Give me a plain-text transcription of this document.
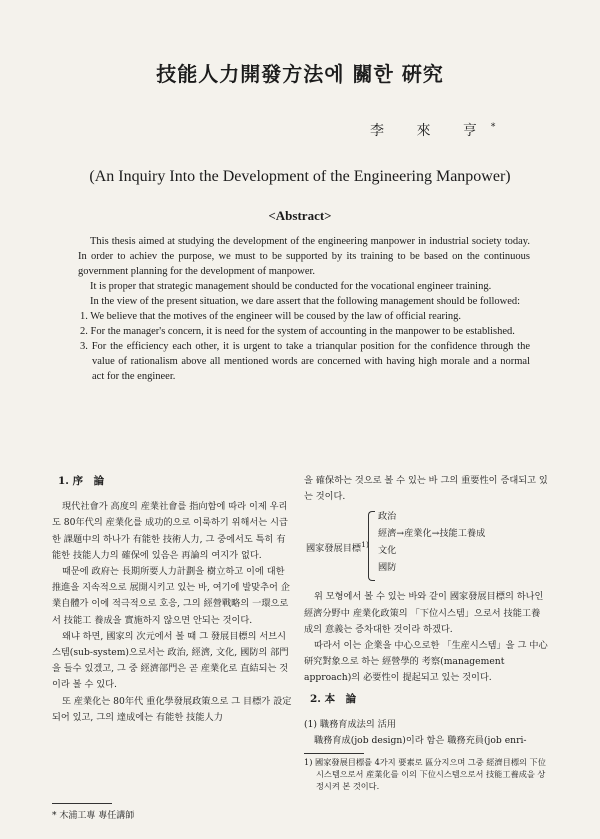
技能人力開發方法에 關한 硏究
李 來 亨*
(An Inquiry Into the Development of the Engineering Manpower)
<Abstract>

This thesis aimed at studying the development of the engineering manpower in industrial society today. In order to achiev the purpose, we must to be supported by its training to be based on the continuous government planning for the development of manpower.

It is proper that strategic management should be conducted for the vocational engineer training.

In the view of the present situation, we dare assert that the following management should be followed:

1. We believe that the motives of the engineer will be coused by the law of official rearing.

2. For the manager's concern, it is need for the system of accounting in the manpower to be established.

3. For the efficiency each other, it is urgent to take a trianqular position for the confidence through the value of rationalism above all mentioned words are concerned with having high morale and a normal act for the engineer.

1. 序　論

現代社會가 高度의 産業社會를 指向함에 따라 이제 우리도 80年代의 産業化를 成功的으로 이룩하기 위해서는 시급한 課題中의 하나가 有能한 技術人力, 그 중에서도 특히 有能한 技能人力의 確保에 있음은 再論의 여지가 없다.

때문에 政府는 長期所要人力計劃을 樹立하고 이에 대한 推進을 지속적으로 展開시키고 있는 바, 여기에 발맞추어 企業自體가 이에 적극적으로 호응, 그의 經營戰略의 一環으로서 技能工 養成을 實施하지 않으면 안되는 것이다.

왜냐 하면, 國家의 次元에서 볼 때 그 發展目標의 서브시스템(sub-system)으로서는 政治, 經濟, 文化, 國防의 部門을 들수 있겠고, 그 중 經濟部門은 곧 産業化로 直結되는 것이라 볼 수 있다.

또 産業化는 80年代 重化學發展政策으로 그 目標가 設定되어 있고, 그의 達成에는 有能한 技能人力

* 木浦工專 專任講師

을 確保하는 것으로 볼 수 있는 바 그의 重要性이 증대되고 있는 것이다.

國家發展目標$^{1)}$
政治
經濟→産業化→技能工養成
文化
國防

위 모형에서 볼 수 있는 바와 같이 國家發展目標의 하나인 經濟分野中 産業化政策의 「下位시스템」으로서 技能工養成의 意義는 증차대한 것이라 하겠다.

따라서 이는 企業을 中心으로한 「生産시스템」을 그 中心研究對象으로 하는 經營學的 考察(management approach)의 必要性이 提起되고 있는 것이다.

2. 本　論

(1) 職務育成法의 活用

職務育成(job design)이라 함은 職務充員(job enri-

1) 國家發展目標를 4가지 要素로 區分지으며 그중 經濟目標의 下位시스템으로서 産業化를 이의 下位시스템으로서 技能工養成을 상정시켜 본 것이다.
